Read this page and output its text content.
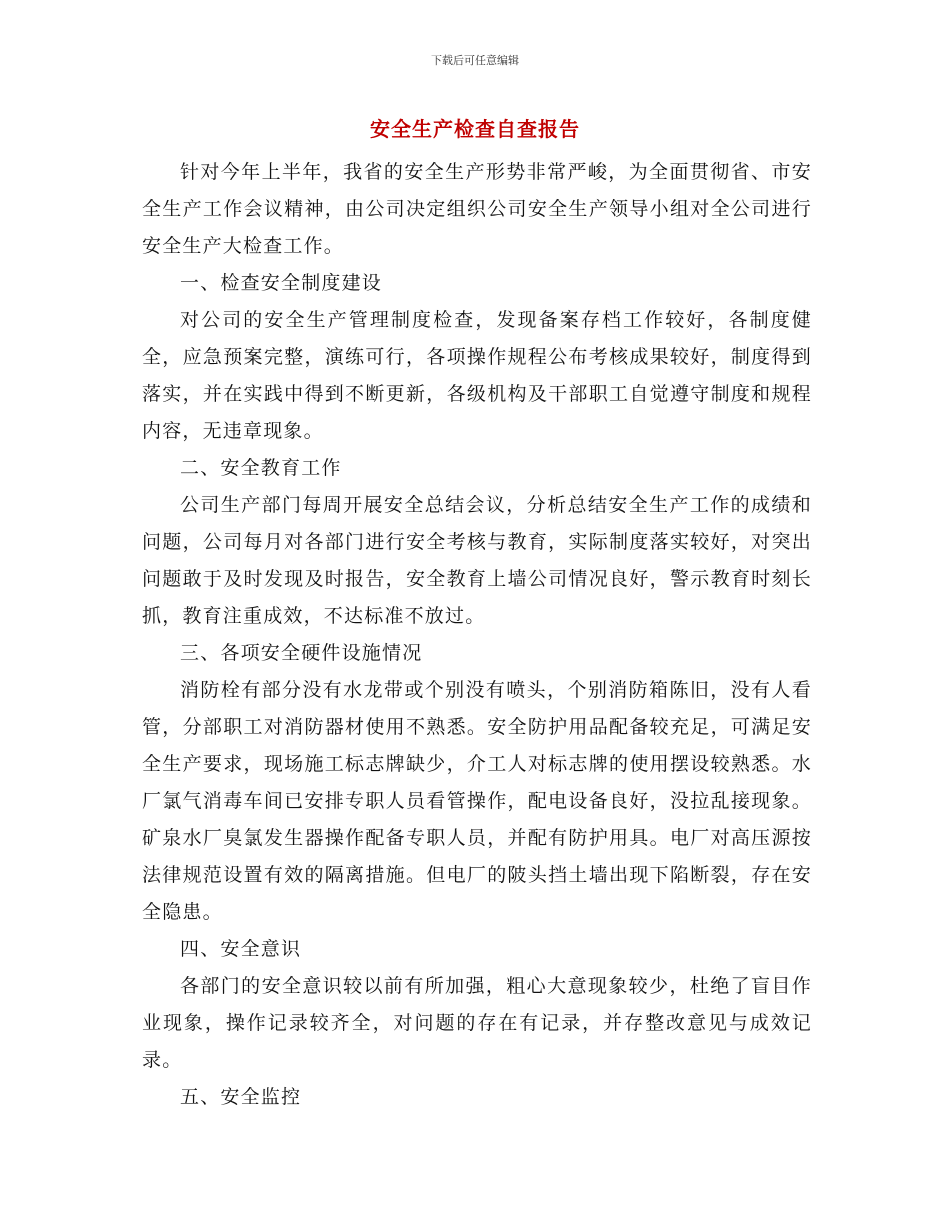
下载后可任意编辑
安全生产检查自查报告

针对今年上半年，我省的安全生产形势非常严峻，为全面贯彻省、市安全生产工作会议精神，由公司决定组织公司安全生产领导小组对全公司进行安全生产大检查工作。

一、检查安全制度建设

对公司的安全生产管理制度检查，发现备案存档工作较好，各制度健全，应急预案完整，演练可行，各项操作规程公布考核成果较好，制度得到落实，并在实践中得到不断更新，各级机构及干部职工自觉遵守制度和规程内容，无违章现象。

二、安全教育工作

公司生产部门每周开展安全总结会议，分析总结安全生产工作的成绩和问题，公司每月对各部门进行安全考核与教育，实际制度落实较好，对突出问题敢于及时发现及时报告，安全教育上墙公司情况良好，警示教育时刻长抓，教育注重成效，不达标准不放过。

三、各项安全硬件设施情况

消防栓有部分没有水龙带或个别没有喷头，个别消防箱陈旧，没有人看管，分部职工对消防器材使用不熟悉。安全防护用品配备较充足，可满足安全生产要求，现场施工标志牌缺少，介工人对标志牌的使用摆设较熟悉。水厂氯气消毒车间已安排专职人员看管操作，配电设备良好，没拉乱接现象。矿泉水厂臭氯发生器操作配备专职人员，并配有防护用具。电厂对高压源按法律规范设置有效的隔离措施。但电厂的陂头挡土墙出现下陷断裂，存在安全隐患。

四、安全意识

各部门的安全意识较以前有所加强，粗心大意现象较少，杜绝了盲目作业现象，操作记录较齐全，对问题的存在有记录，并存整改意见与成效记录。

五、安全监控
